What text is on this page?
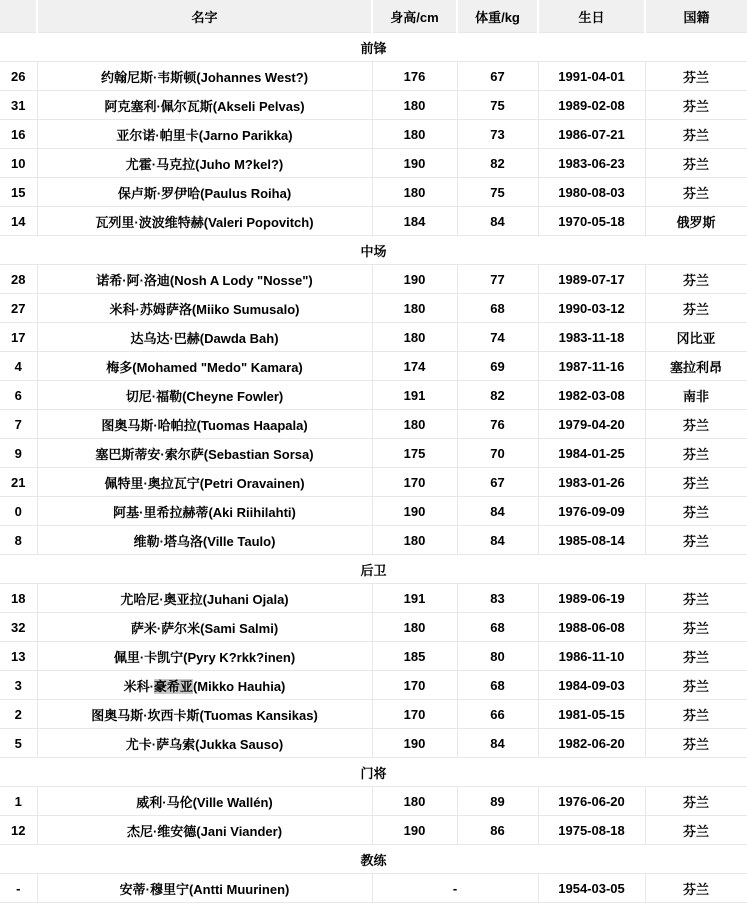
	名字	身高/cm	体重/kg	生日	国籍
前锋					
26	约翰尼斯·韦斯顿(Johannes West?)	176	67	1991-04-01	芬兰
31	阿克塞利·佩尔瓦斯(Akseli Pelvas)	180	75	1989-02-08	芬兰
16	亚尔诺·帕里卡(Jarno Parikka)	180	73	1986-07-21	芬兰
10	尤霍·马克拉(Juho M?kel?)	190	82	1983-06-23	芬兰
15	保卢斯·罗伊哈(Paulus Roiha)	180	75	1980-08-03	芬兰
14	瓦列里·波波维特赫(Valeri Popovitch)	184	84	1970-05-18	俄罗斯
中场					
28	诺希·阿·洛迪(Nosh A Lody "Nosse")	190	77	1989-07-17	芬兰
27	米科·苏姆萨洛(Miiko Sumusalo)	180	68	1990-03-12	芬兰
17	达乌达·巴赫(Dawda Bah)	180	74	1983-11-18	冈比亚
4	梅多(Mohamed "Medo" Kamara)	174	69	1987-11-16	塞拉利昂
6	切尼·福勒(Cheyne Fowler)	191	82	1982-03-08	南非
7	图奥马斯·哈帕拉(Tuomas Haapala)	180	76	1979-04-20	芬兰
9	塞巴斯蒂安·索尔萨(Sebastian Sorsa)	175	70	1984-01-25	芬兰
21	佩特里·奥拉瓦宁(Petri Oravainen)	170	67	1983-01-26	芬兰
0	阿基·里希拉赫蒂(Aki Riihilahti)	190	84	1976-09-09	芬兰
8	维勒·塔乌洛(Ville Taulo)	180	84	1985-08-14	芬兰
后卫					
18	尤哈尼·奥亚拉(Juhani Ojala)	191	83	1989-06-19	芬兰
32	萨米·萨尔米(Sami Salmi)	180	68	1988-06-08	芬兰
13	佩里·卡凯宁(Pyry K?rkk?inen)	185	80	1986-11-10	芬兰
3	米科·豪希亚(Mikko Hauhia)	170	68	1984-09-03	芬兰
2	图奥马斯·坎西卡斯(Tuomas Kansikas)	170	66	1981-05-15	芬兰
5	尤卡·萨乌索(Jukka Sauso)	190	84	1982-06-20	芬兰
门将					
1	威利·马伦(Ville Wallén)	180	89	1976-06-20	芬兰
12	杰尼·维安德(Jani Viander)	190	86	1975-08-18	芬兰
教练					
-	安蒂·穆里宁(Antti Muurinen)	-		1954-03-05	芬兰
